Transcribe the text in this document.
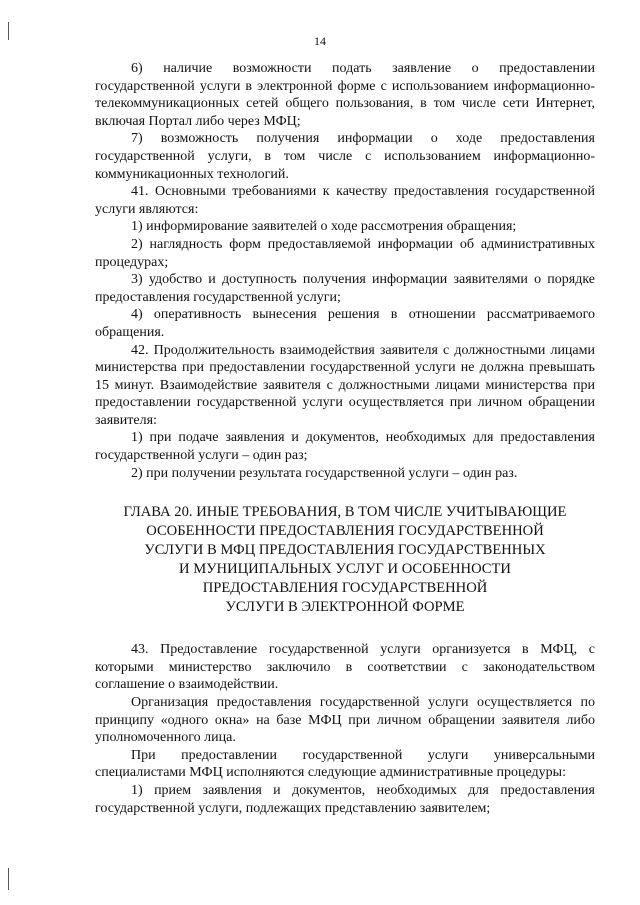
14

6) наличие возможности подать заявление о предоставлении государственной услуги в электронной форме с использованием информационно-телекоммуникационных сетей общего пользования, в том числе сети Интернет, включая Портал либо через МФЦ;

7) возможность получения информации о ходе предоставления государственной услуги, в том числе с использованием информационно-коммуникационных технологий.

41. Основными требованиями к качеству предоставления государственной услуги являются:

1) информирование заявителей о ходе рассмотрения обращения;

2) наглядность форм предоставляемой информации об административных процедурах;

3) удобство и доступность получения информации заявителями о порядке предоставления государственной услуги;

4) оперативность вынесения решения в отношении рассматриваемого обращения.

42. Продолжительность взаимодействия заявителя с должностными лицами министерства при предоставлении государственной услуги не должна превышать 15 минут. Взаимодействие заявителя с должностными лицами министерства при предоставлении государственной услуги осуществляется при личном обращении заявителя:

1) при подаче заявления и документов, необходимых для предоставления государственной услуги – один раз;

2) при получении результата государственной услуги – один раз.

ГЛАВА 20. ИНЫЕ ТРЕБОВАНИЯ, В ТОМ ЧИСЛЕ УЧИТЫВАЮЩИЕ
ОСОБЕННОСТИ ПРЕДОСТАВЛЕНИЯ ГОСУДАРСТВЕННОЙ
УСЛУГИ В МФЦ ПРЕДОСТАВЛЕНИЯ ГОСУДАРСТВЕННЫХ
И МУНИЦИПАЛЬНЫХ УСЛУГ И ОСОБЕННОСТИ
ПРЕДОСТАВЛЕНИЯ ГОСУДАРСТВЕННОЙ
УСЛУГИ В ЭЛЕКТРОННОЙ ФОРМЕ

43. Предоставление государственной услуги организуется в МФЦ, с которыми министерство заключило в соответствии с законодательством соглашение о взаимодействии.

Организация предоставления государственной услуги осуществляется по принципу «одного окна» на базе МФЦ при личном обращении заявителя либо уполномоченного лица.

При предоставлении государственной услуги универсальными специалистами МФЦ исполняются следующие административные процедуры:

1) прием заявления и документов, необходимых для предоставления государственной услуги, подлежащих представлению заявителем;
